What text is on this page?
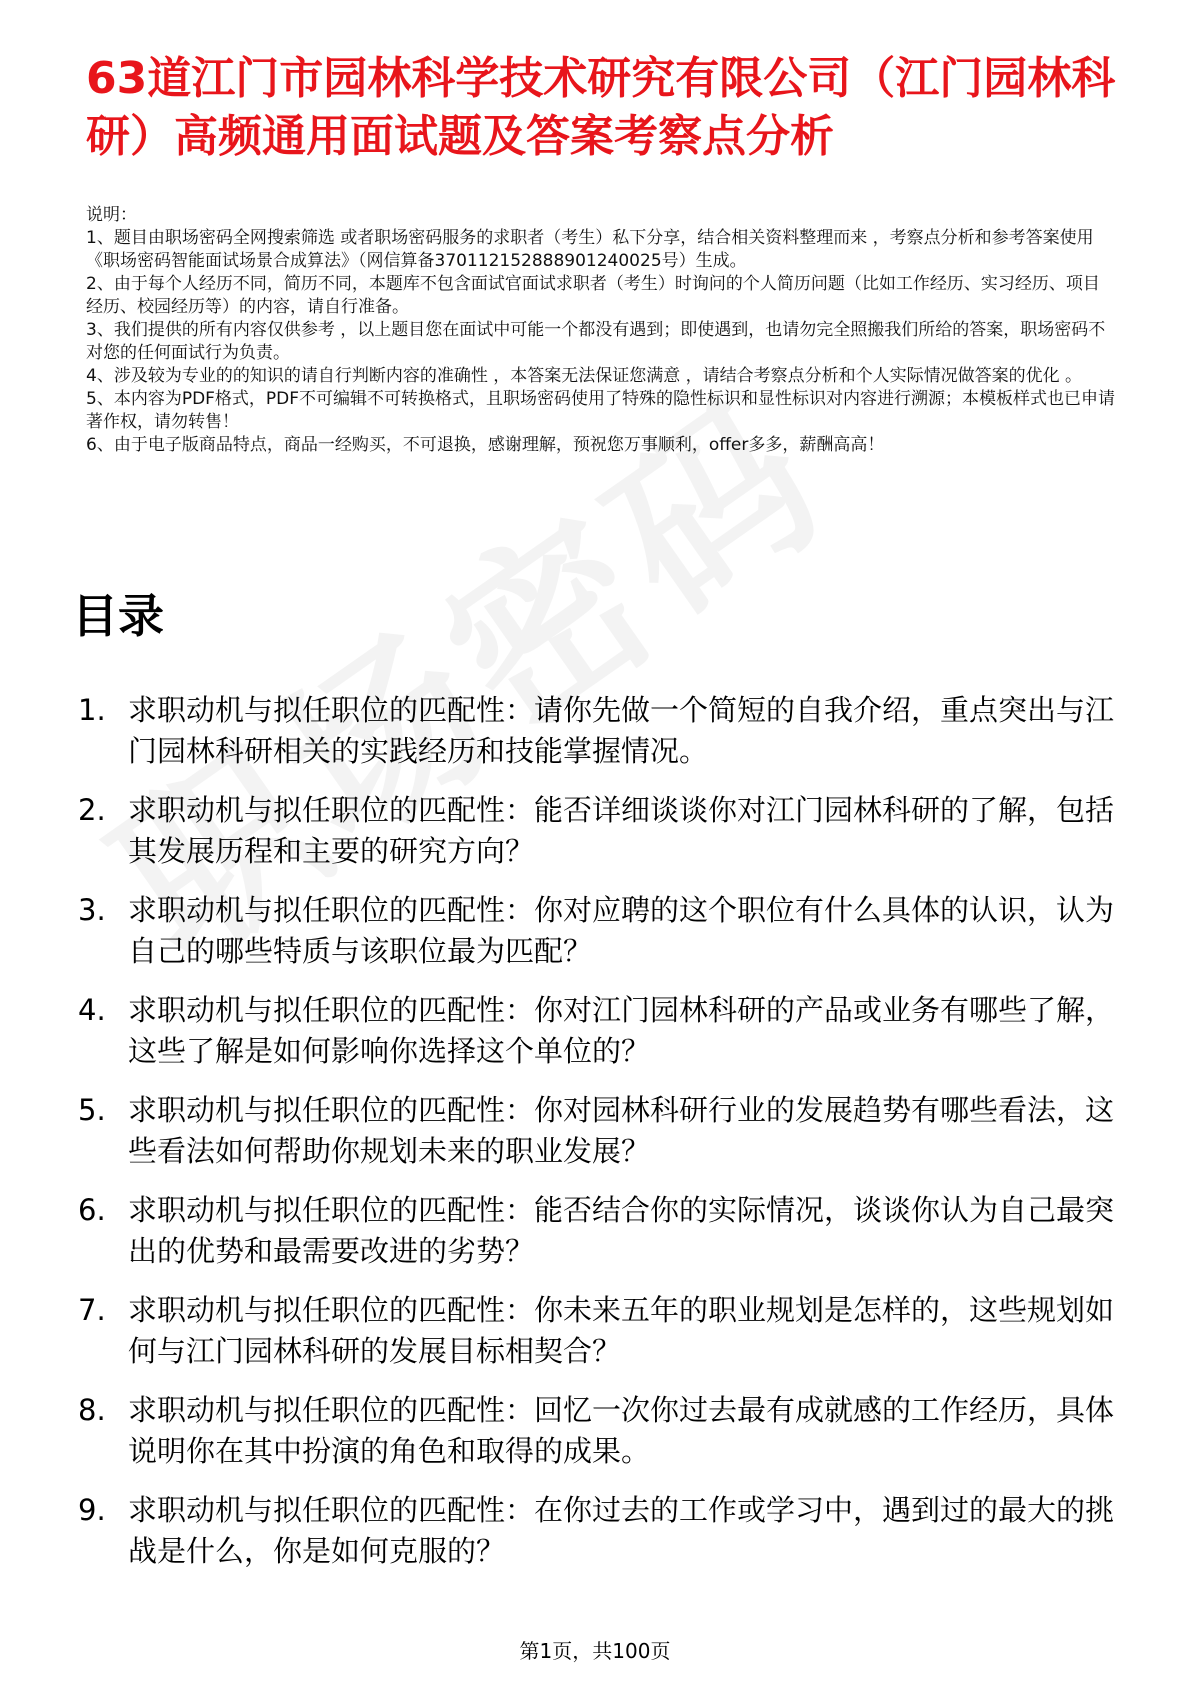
63道江门市园林科学技术研究有限公司（江门园林科研）高频通用面试题及答案考察点分析

说明：

1、题目由职场密码全网搜索筛选 或者职场密码服务的求职者（考生）私下分享，结合相关资料整理而来 ，考察点分析和参考答案使用《职场密码智能面试场景合成算法》（网信算备370112152888901240025号）生成。

2、由于每个人经历不同，简历不同，本题库不包含面试官面试求职者（考生）时询问的个人简历问题（比如工作经历、实习经历、项目经历、校园经历等）的内容，请自行准备。

3、我们提供的所有内容仅供参考 ，以上题目您在面试中可能一个都没有遇到；即使遇到，也请勿完全照搬我们所给的答案，职场密码不对您的任何面试行为负责。

4、涉及较为专业的的知识的请自行判断内容的准确性 ，本答案无法保证您满意 ，请结合考察点分析和个人实际情况做答案的优化 。

5、本内容为PDF格式，PDF不可编辑不可转换格式，且职场密码使用了特殊的隐性标识和显性标识对内容进行溯源；本模板样式也已申请著作权，请勿转售！

6、由于电子版商品特点，商品一经购买，不可退换，感谢理解，预祝您万事顺利，offer多多，薪酬高高！

目录
1. 求职动机与拟任职位的匹配性：请你先做一个简短的自我介绍，重点突出与江门园林科研相关的实践经历和技能掌握情况。
2. 求职动机与拟任职位的匹配性：能否详细谈谈你对江门园林科研的了解，包括其发展历程和主要的研究方向？
3. 求职动机与拟任职位的匹配性：你对应聘的这个职位有什么具体的认识，认为自己的哪些特质与该职位最为匹配？
4. 求职动机与拟任职位的匹配性：你对江门园林科研的产品或业务有哪些了解，这些了解是如何影响你选择这个单位的？
5. 求职动机与拟任职位的匹配性：你对园林科研行业的发展趋势有哪些看法，这些看法如何帮助你规划未来的职业发展？
6. 求职动机与拟任职位的匹配性：能否结合你的实际情况，谈谈你认为自己最突出的优势和最需要改进的劣势？
7. 求职动机与拟任职位的匹配性：你未来五年的职业规划是怎样的，这些规划如何与江门园林科研的发展目标相契合？
8. 求职动机与拟任职位的匹配性：回忆一次你过去最有成就感的工作经历，具体说明你在其中扮演的角色和取得的成果。
9. 求职动机与拟任职位的匹配性：在你过去的工作或学习中，遇到过的最大的挑战是什么，你是如何克服的？
第1页，共100页
